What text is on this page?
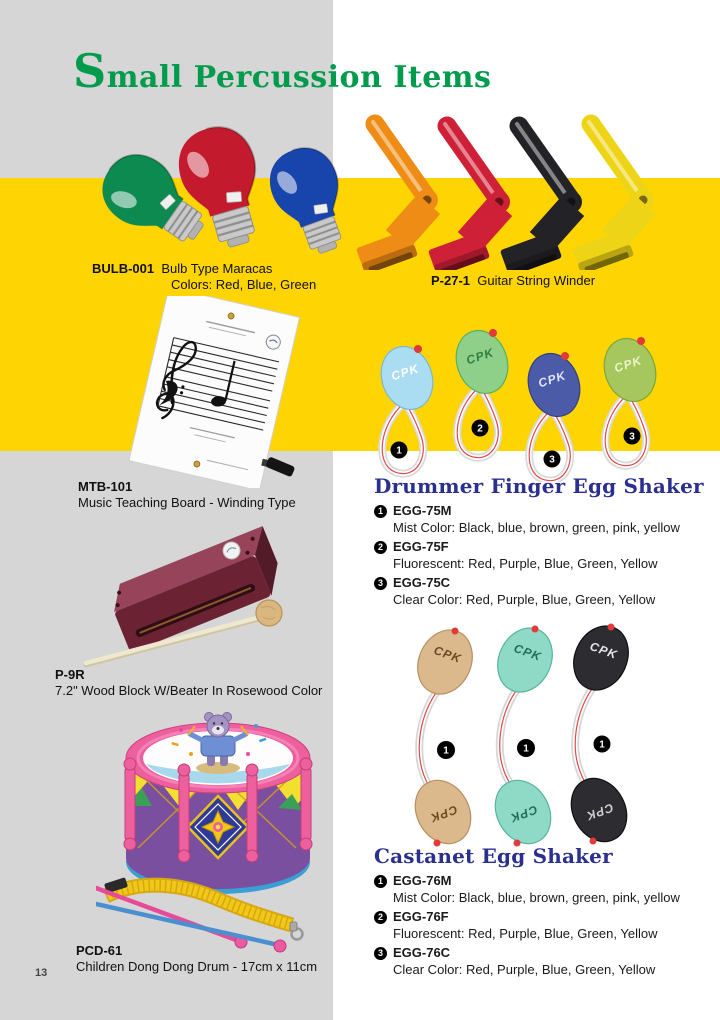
Small Percussion Items
BULB-001 Bulb Type Maracas
Colors: Red, Blue, Green	P-27-1 Guitar String Winder
MTB-101
Music Teaching Board - Winding Type
CPK
1
CPK
2
CPK
3
CPK
3
Drummer Finger Egg Shaker
1 EGG-75M
Mist Color: Black, blue, brown, green, pink, yellow
2 EGG-75F
Fluorescent: Red, Purple, Blue, Green, Yellow
3 EGG-75C
Clear Color: Red, Purple, Blue, Green, Yellow
P-9R
7.2" Wood Block W/Beater In Rosewood Color
CPK
CPK
1
CPK
CPK
1
CPK
CPK
1
Castanet Egg Shaker
1 EGG-76M
Mist Color: Black, blue, brown, green, pink, yellow
2 EGG-76F
Fluorescent: Red, Purple, Blue, Green, Yellow
3 EGG-76C
Clear Color: Red, Purple, Blue, Green, Yellow
PCD-61
Children Dong Dong Drum - 17cm x 11cm
13
